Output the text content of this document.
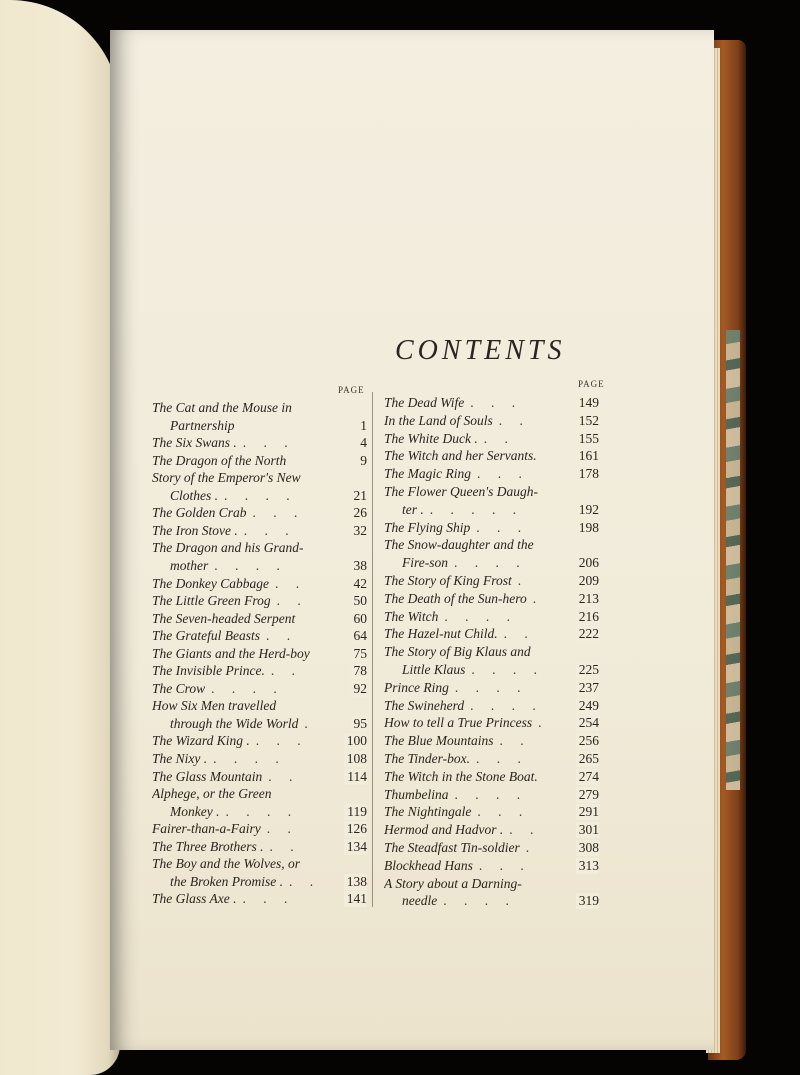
CONTENTS
PAGE
PAGE
The Cat and the Mouse in
Partnership	1
The Six Swans . . . .	4
The Dragon of the North	9
Story of the Emperor's New
Clothes . . . . .	21
The Golden Crab . . .	26
The Iron Stove . . . .	32
The Dragon and his Grand-
mother . . . .	38
The Donkey Cabbage . .	42
The Little Green Frog . .	50
The Seven-headed Serpent	60
The Grateful Beasts . .	64
The Giants and the Herd-boy	75
The Invisible Prince. . .	78
The Crow . . . .	92
How Six Men travelled
through the Wide World .	95
The Wizard King . . . .	100
The Nixy . . . . .	108
The Glass Mountain . .	114
Alphege, or the Green
Monkey . . . . .	119
Fairer-than-a-Fairy . .	126
The Three Brothers . . .	134
The Boy and the Wolves, or
the Broken Promise . . . 138
The Glass Axe . . . .	141
The Dead Wife . . .	149
In the Land of Souls . .	152
The White Duck . . .	155
The Witch and her Servants.	161
The Magic Ring . . .	178
The Flower Queen's Daugh-
ter . . . . . .	192
The Flying Ship . . .	198
The Snow-daughter and the
Fire-son . . . .	206
The Story of King Frost .	209
The Death of the Sun-hero .	213
The Witch . . . .	216
The Hazel-nut Child. . .	222
The Story of Big Klaus and
Little Klaus . . . .	225
Prince Ring . . . .	237
The Swineherd . . . .	249
How to tell a True Princess . 254
The Blue Mountains . .	256
The Tinder-box. . . .	265
The Witch in the Stone Boat.	274
Thumbelina . . . .	279
The Nightingale . . .	291
Hermod and Hadvor . . .	301
The Steadfast Tin-soldier .	308
Blockhead Hans . . .	313
A Story about a Darning-
needle . . . .	319
